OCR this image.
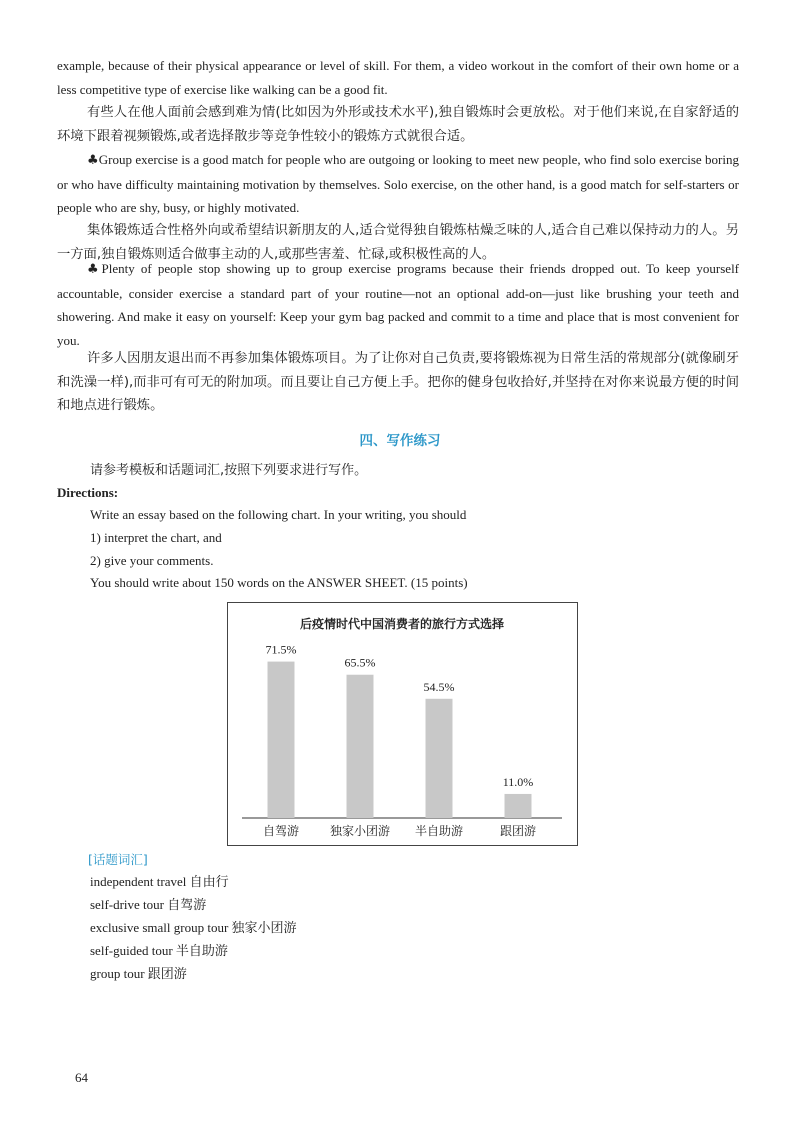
example, because of their physical appearance or level of skill. For them, a video workout in the comfort of their own home or a less competitive type of exercise like walking can be a good fit.

有些人在他人面前会感到难为情(比如因为外形或技术水平),独自锻炼时会更放松。对于他们来说,在自家舒适的环境下跟着视频锻炼,或者选择散步等竞争性较小的锻炼方式就很合适。

♣Group exercise is a good match for people who are outgoing or looking to meet new people, who find solo exercise boring or who have difficulty maintaining motivation by themselves. Solo exercise, on the other hand, is a good match for self-starters or people who are shy, busy, or highly motivated.

集体锻炼适合性格外向或希望结识新朋友的人,适合觉得独自锻炼枯燥乏味的人,适合自己难以保持动力的人。另一方面,独自锻炼则适合做事主动的人,或那些害羞、忙碌,或积极性高的人。

♣Plenty of people stop showing up to group exercise programs because their friends dropped out. To keep yourself accountable, consider exercise a standard part of your routine—not an optional add-on—just like brushing your teeth and showering. And make it easy on yourself: Keep your gym bag packed and commit to a time and place that is most convenient for you.

许多人因朋友退出而不再参加集体锻炼项目。为了让你对自己负责,要将锻炼视为日常生活的常规部分(就像刷牙和洗澡一样),而非可有可无的附加项。而且要让自己方便上手。把你的健身包收拾好,并坚持在对你来说最方便的时间和地点进行锻炼。

四、写作练习

请参考模板和话题词汇,按照下列要求进行写作。

Directions:

Write an essay based on the following chart. In your writing, you should

1) interpret the chart, and

2) give your comments.

You should write about 150 words on the ANSWER SHEET. (15 points)

后疫情时代中国消费者的旅行方式选择
71.5%
自驾游
65.5%
独家小团游
54.5%
半自助游
11.0%
跟团游

[话题词汇]

independent travel 自由行

self-drive tour 自驾游

exclusive small group tour 独家小团游

self-guided tour 半自助游

group tour 跟团游

64
